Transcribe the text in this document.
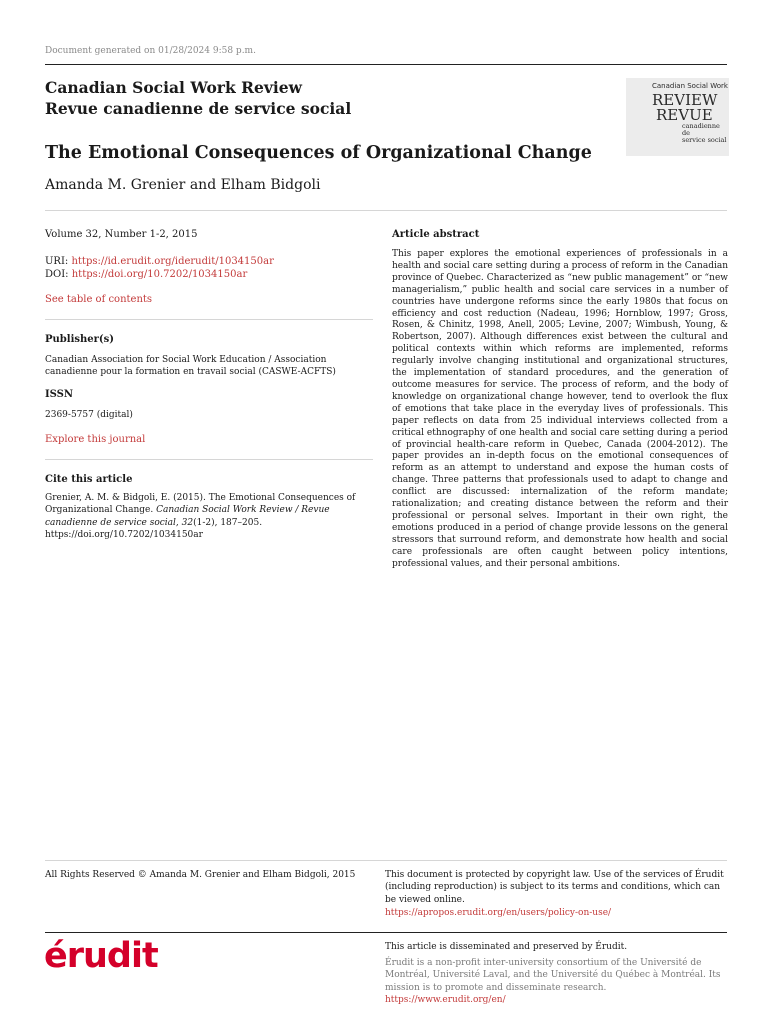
Document generated on 01/28/2024 9:58 p.m.
Canadian Social Work Review
Revue canadienne de service social
Canadian Social Work
REVIEW
REVUE
canadienne de
service social
The Emotional Consequences of Organizational Change
Amanda M. Grenier and Elham Bidgoli
Volume 32, Number 1-2, 2015
URI: https://id.erudit.org/iderudit/1034150ar
DOI: https://doi.org/10.7202/1034150ar
See table of contents
Publisher(s)
Canadian Association for Social Work Education / Association canadienne pour la formation en travail social (CASWE-ACFTS)
ISSN
2369-5757 (digital)
Explore this journal
Cite this article
Grenier, A. M. & Bidgoli, E. (2015). The Emotional Consequences of Organizational Change. Canadian Social Work Review / Revue canadienne de service social, 32(1-2), 187–205. https://doi.org/10.7202/1034150ar
Article abstract
This paper explores the emotional experiences of professionals in a health and social care setting during a process of reform in the Canadian province of Quebec. Characterized as “new public management” or “new managerialism,” public health and social care services in a number of countries have undergone reforms since the early 1980s that focus on efficiency and cost reduction (Nadeau, 1996; Hornblow, 1997; Gross, Rosen, & Chinitz, 1998, Anell, 2005; Levine, 2007; Wimbush, Young, & Robertson, 2007). Although differences exist between the cultural and political contexts within which reforms are implemented, reforms regularly involve changing institutional and organizational structures, the implementation of standard procedures, and the generation of outcome measures for service. The process of reform, and the body of knowledge on organizational change however, tend to overlook the flux of emotions that take place in the everyday lives of professionals. This paper reflects on data from 25 individual interviews collected from a critical ethnography of one health and social care setting during a period of provincial health-care reform in Quebec, Canada (2004-2012). The paper provides an in-depth focus on the emotional consequences of reform as an attempt to understand and expose the human costs of change. Three patterns that professionals used to adapt to change and conflict are discussed: internalization of the reform mandate; rationalization; and creating distance between the reform and their professional or personal selves. Important in their own right, the emotions produced in a period of change provide lessons on the general stressors that surround reform, and demonstrate how health and social care professionals are often caught between policy intentions, professional values, and their personal ambitions.
All Rights Reserved © Amanda M. Grenier and Elham Bidgoli, 2015	This document is protected by copyright law. Use of the services of Érudit (including reproduction) is subject to its terms and conditions, which can be viewed online.
https://apropos.erudit.org/en/users/policy-on-use/
érudit	This article is disseminated and preserved by Érudit.
Érudit is a non-profit inter-university consortium of the Université de Montréal, Université Laval, and the Université du Québec à Montréal. Its mission is to promote and disseminate research.
https://www.erudit.org/en/
